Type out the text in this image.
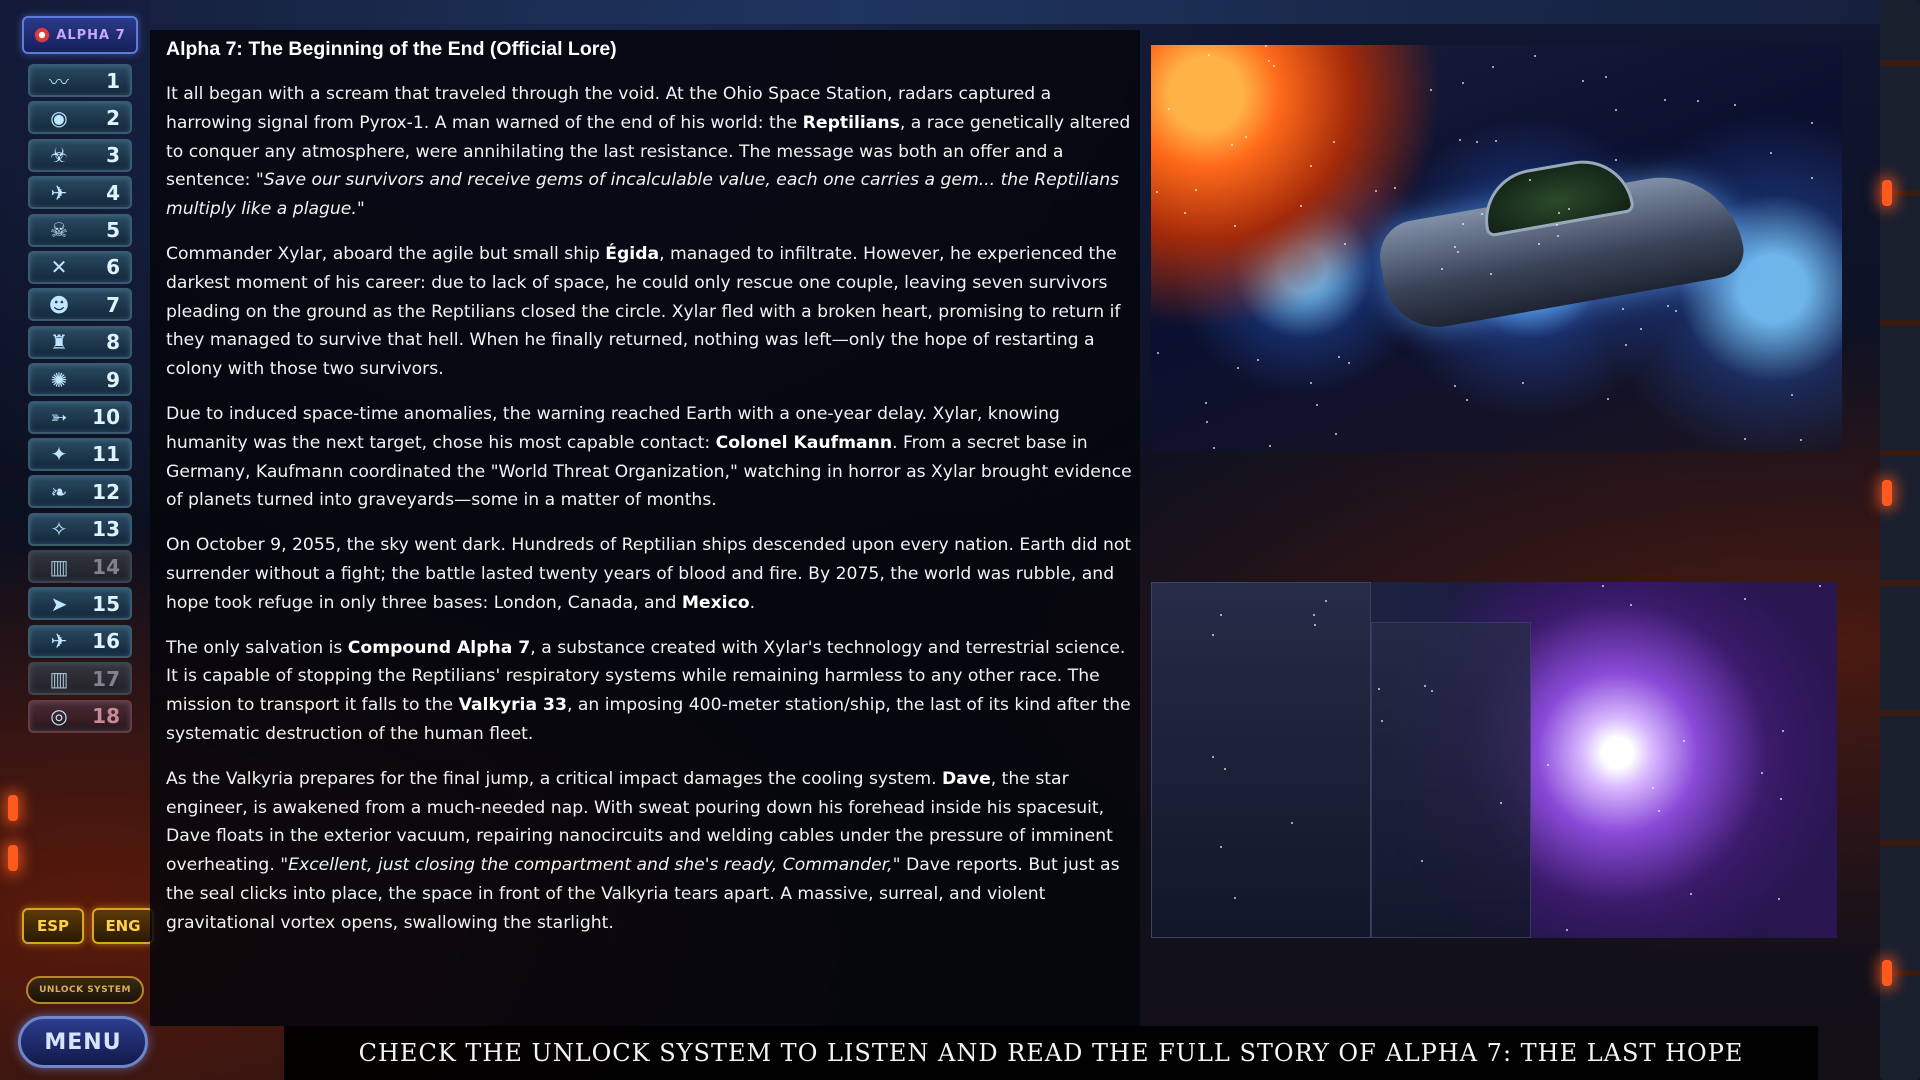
ALPHA 7
〰	1
◉	2
☣	3
✈	4
☠	5
✕	6
☻	7
♜	8
✺	9
➳	10
✦	11
❧	12
✧	13
▥	14
➤	15
✈	16
▥	17
◎	18
ESP	ENG
UNLOCK SYSTEM
MENU
Alpha 7: The Beginning of the End (Official Lore)

It all began with a scream that traveled through the void. At the Ohio Space Station, radars captured a harrowing signal from Pyrox-1. A man warned of the end of his world: the Reptilians, a race genetically altered to conquer any atmosphere, were annihilating the last resistance. The message was both an offer and a sentence: "Save our survivors and receive gems of incalculable value, each one carries a gem... the Reptilians multiply like a plague."

Commander Xylar, aboard the agile but small ship Égida, managed to infiltrate. However, he experienced the darkest moment of his career: due to lack of space, he could only rescue one couple, leaving seven survivors pleading on the ground as the Reptilians closed the circle. Xylar fled with a broken heart, promising to return if they managed to survive that hell. When he finally returned, nothing was left—only the hope of restarting a colony with those two survivors.

Due to induced space-time anomalies, the warning reached Earth with a one-year delay. Xylar, knowing humanity was the next target, chose his most capable contact: Colonel Kaufmann. From a secret base in Germany, Kaufmann coordinated the "World Threat Organization," watching in horror as Xylar brought evidence of planets turned into graveyards—some in a matter of months.

On October 9, 2055, the sky went dark. Hundreds of Reptilian ships descended upon every nation. Earth did not surrender without a fight; the battle lasted twenty years of blood and fire. By 2075, the world was rubble, and hope took refuge in only three bases: London, Canada, and Mexico.

The only salvation is Compound Alpha 7, a substance created with Xylar's technology and terrestrial science. It is capable of stopping the Reptilians' respiratory systems while remaining harmless to any other race. The mission to transport it falls to the Valkyria 33, an imposing 400-meter station/ship, the last of its kind after the systematic destruction of the human fleet.

As the Valkyria prepares for the final jump, a critical impact damages the cooling system. Dave, the star engineer, is awakened from a much-needed nap. With sweat pouring down his forehead inside his spacesuit, Dave floats in the exterior vacuum, repairing nanocircuits and welding cables under the pressure of imminent overheating. "Excellent, just closing the compartment and she's ready, Commander," Dave reports. But just as the seal clicks into place, the space in front of the Valkyria tears apart. A massive, surreal, and violent gravitational vortex opens, swallowing the starlight.

CHECK THE UNLOCK SYSTEM TO LISTEN AND READ THE FULL STORY OF ALPHA 7: THE LAST HOPE
